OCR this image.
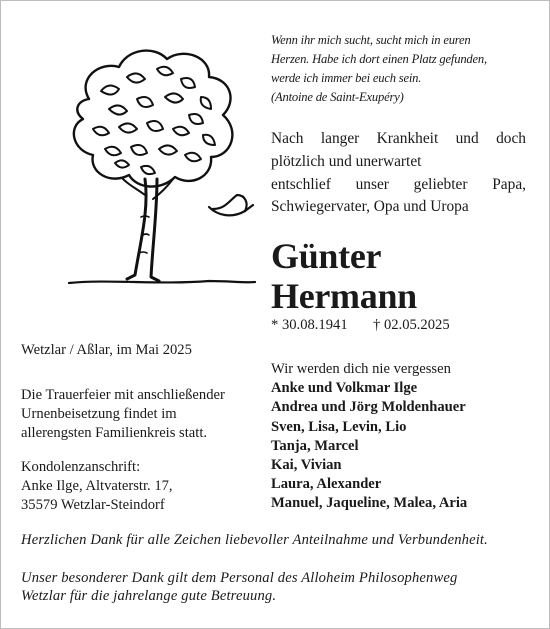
Wenn ihr mich sucht, sucht mich in euren
Herzen. Habe ich dort einen Platz gefunden,
werde ich immer bei euch sein.
(Antoine de Saint-Exupéry)
Nach langer Krankheit und doch
plötzlich und unerwartet
entschlief unser geliebter Papa,
Schwiegervater, Opa und Uropa
Günter
Hermann
* 30.08.1941 † 02.05.2025
Wetzlar / Aßlar, im Mai 2025
Die Trauerfeier mit anschließender
Urnenbeisetzung findet im
allerengsten Familienkreis statt.
Kondolenzanschrift:
Anke Ilge, Altvaterstr. 17,
35579 Wetzlar-Steindorf
Wir werden dich nie vergessen
Anke und Volkmar Ilge
Andrea und Jörg Moldenhauer
Sven, Lisa, Levin, Lio
Tanja, Marcel
Kai, Vivian
Laura, Alexander
Manuel, Jaqueline, Malea, Aria
Herzlichen Dank für alle Zeichen liebevoller Anteilnahme und Verbundenheit.
Unser besonderer Dank gilt dem Personal des Alloheim Philosophenweg
Wetzlar für die jahrelange gute Betreuung.
